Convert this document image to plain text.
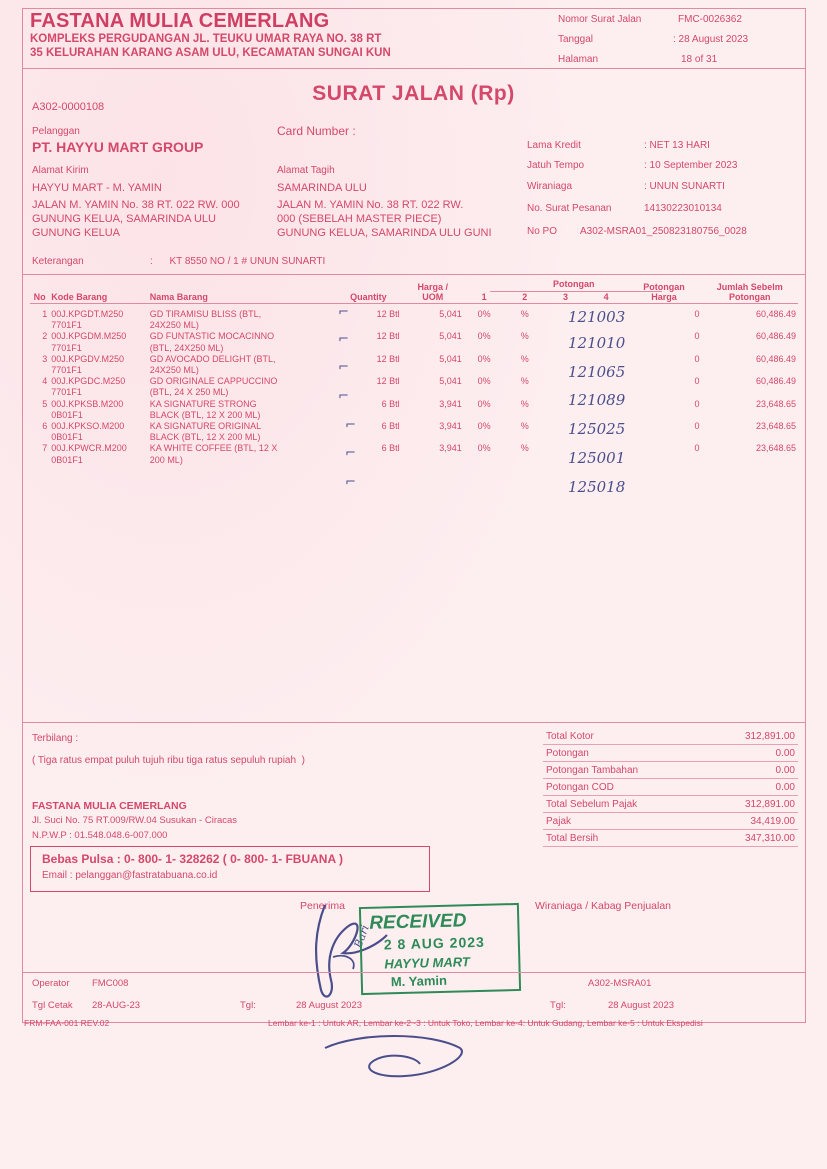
FASTANA MULIA CEMERLANG
KOMPLEKS PERGUDANGAN JL. TEUKU UMAR RAYA NO. 38 RT
35 KELURAHAN KARANG ASAM ULU, KECAMATAN SUNGAI KUN
Nomor Surat Jalan	FMC-0026362
Tanggal	: 28 August 2023
Halaman	18 of 31
SURAT JALAN (Rp)
A302-0000108
Pelanggan
PT. HAYYU MART GROUP
Alamat Kirim
HAYYU MART - M. YAMIN
JALAN M. YAMIN No. 38 RT. 022 RW. 000
GUNUNG KELUA, SAMARINDA ULU
GUNUNG KELUA
Card Number :
Alamat Tagih
SAMARINDA ULU
JALAN M. YAMIN No. 38 RT. 022 RW.
000 (SEBELAH MASTER PIECE)
GUNUNG KELUA, SAMARINDA ULU GUNI
Lama Kredit	: NET 13 HARI
Jatuh Tempo	: 10 September 2023
Wiraniaga	: UNUN SUNARTI
No. Surat Pesanan	14130223010134
No PO A302-MSRA01_250823180756_0028
Keterangan	:      KT 8550 NO / 1 # UNUN SUNARTI
Potongan
No	Kode Barang	Nama Barang	Quantity	Harga /
UOM	1	2	3	4	Potongan
Harga	Jumlah Sebelm
Potongan

1	00J.KPGDT.M250	GD TIRAMISU BLISS (BTL,	12 Btl	5,041	0%	%			0	60,486.49
	7701F1	24X250 ML)								
2	00J.KPGDM.M250	GD FUNTASTIC MOCACINNO	12 Btl	5,041	0%	%			0	60,486.49
	7701F1	(BTL, 24X250 ML)								
3	00J.KPGDV.M250	GD AVOCADO DELIGHT (BTL,	12 Btl	5,041	0%	%			0	60,486.49
	7701F1	24X250 ML)								
4	00J.KPGDC.M250	GD ORIGINALE CAPPUCCINO	12 Btl	5,041	0%	%			0	60,486.49
	7701F1	(BTL, 24 X 250 ML)								
5	00J.KPKSB.M200	KA SIGNATURE STRONG	6 Btl	3,941	0%	%			0	23,648.65
	0B01F1	BLACK (BTL, 12 X 200 ML)								
6	00J.KPKSO.M200	KA SIGNATURE ORIGINAL	6 Btl	3,941	0%	%			0	23,648.65
	0B01F1	BLACK (BTL, 12 X 200 ML)								
7	00J.KPWCR.M200	KA WHITE COFFEE (BTL, 12 X	6 Btl	3,941	0%	%			0	23,648.65
	0B01F1	200 ML)								
121003
121010
121065
121089
125025
125001
125018
⌐
⌐
⌐
⌐
⌐
⌐
⌐
Terbilang :
( Tiga ratus empat puluh tujuh ribu tiga ratus sepuluh rupiah  )
FASTANA MULIA CEMERLANG
Jl. Suci No. 75 RT.009/RW.04 Susukan - Ciracas
N.P.W.P : 01.548.048.6-007.000
Bebas Pulsa : 0- 800- 1- 328262 ( 0- 800- 1- FBUANA )
Email : pelanggan@fastratabuana.co.id
Total Kotor	312,891.00
Potongan	0.00
Potongan Tambahan	0.00
Potongan COD	0.00
Total Sebelum Pajak	312,891.00
Pajak	34,419.00
Total Bersih	347,310.00
Penerima	Wiraniaga / Kabag Penjualan
Bari
RECEIVED
2 8 AUG 2023
HAYYU MART
M. Yamin
Operator FMC008
Tgl Cetak 28-AUG-23	Tgl:	28 August 2023
A302-MSRA01
Tgl:	28 August 2023
FRM-FAA-001 REV.02	Lembar ke-1 : Untuk AR, Lembar ke-2~3 : Untuk Toko, Lembar ke-4: Untuk Gudang, Lembar ke-5 : Untuk Ekspedisi
